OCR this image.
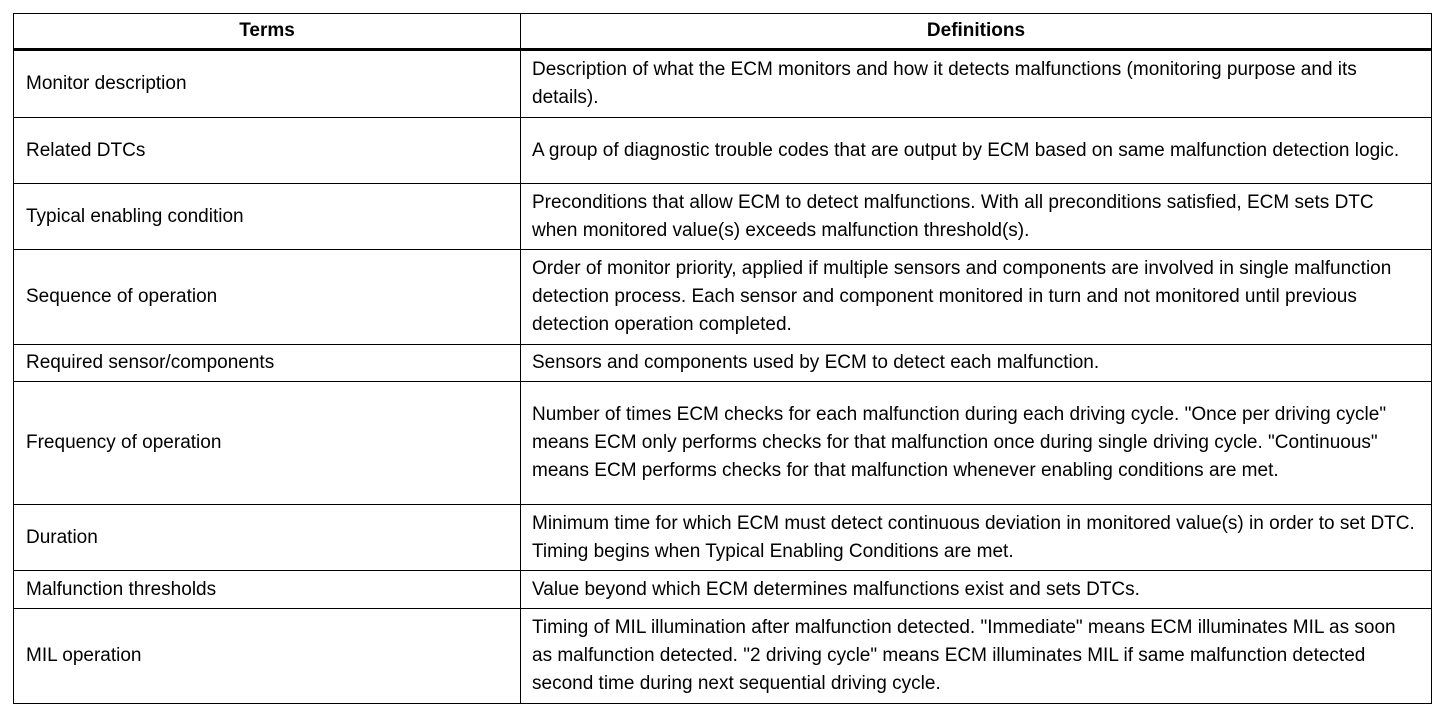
Terms	Definitions
Monitor description	Description of what the ECM monitors and how it detects malfunctions (monitoring purpose and its details).
Related DTCs	A group of diagnostic trouble codes that are output by ECM based on same malfunction detection logic.
Typical enabling condition	Preconditions that allow ECM to detect malfunctions. With all preconditions satisfied, ECM sets DTC when monitored value(s) exceeds malfunction threshold(s).
Sequence of operation	Order of monitor priority, applied if multiple sensors and components are involved in single malfunction detection process. Each sensor and component monitored in turn and not monitored until previous detection operation completed.
Required sensor/components	Sensors and components used by ECM to detect each malfunction.
Frequency of operation	Number of times ECM checks for each malfunction during each driving cycle. "Once per driving cycle" means ECM only performs checks for that malfunction once during single driving cycle. "Continuous" means ECM performs checks for that malfunction whenever enabling conditions are met.
Duration	Minimum time for which ECM must detect continuous deviation in monitored value(s) in order to set DTC. Timing begins when Typical Enabling Conditions are met.
Malfunction thresholds	Value beyond which ECM determines malfunctions exist and sets DTCs.
MIL operation	Timing of MIL illumination after malfunction detected. "Immediate" means ECM illuminates MIL as soon as malfunction detected. "2 driving cycle" means ECM illuminates MIL if same malfunction detected second time during next sequential driving cycle.
